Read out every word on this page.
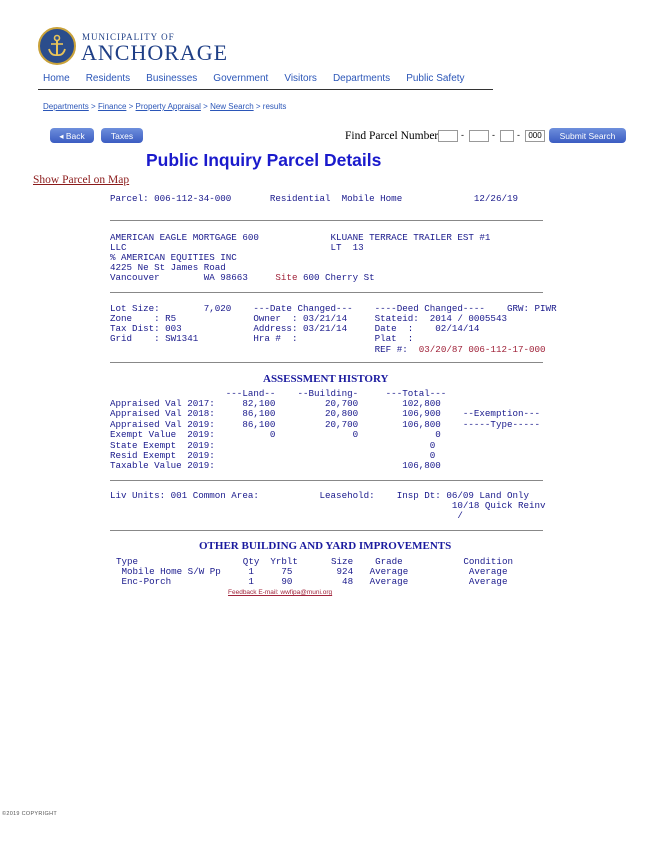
MUNICIPALITY OF
ANCHORAGE
Home Residents Businesses Government Visitors Departments Public Safety
Departments > Finance > Property Appraisal > New Search > results
◂ Back	Taxes	Find Parcel Number	-	- -	000	Submit Search
Public Inquiry Parcel Details
Show Parcel on Map
Parcel: 006-112-34-000       Residential  Mobile Home             12/26/19
AMERICAN EAGLE MORTGAGE 600             KLUANE TERRACE TRAILER EST #1
LLC                                     LT  13
% AMERICAN EQUITIES INC
4225 Ne St James Road
Vancouver        WA 98663     Site 600 Cherry St
Lot Size:        7,020    ---Date Changed---    ----Deed Changed----    GRW: PIWR
Zone    : R5              Owner  : 03/21/14     Stateid:  2014 / 0005543
Tax Dist: 003             Address: 03/21/14     Date  :    02/14/14
Grid    : SW1341          Hra #  :              Plat  :
REF #:  03/20/87 006-112-17-000
ASSESSMENT HISTORY
---Land--    --Building-     ---Total---
Appraised Val 2017:     82,100         20,700        102,800
Appraised Val 2018:     86,100         20,800        106,900    --Exemption---
Appraised Val 2019:     86,100         20,700        106,800    -----Type-----
Exempt Value  2019:          0              0              0
State Exempt  2019:                                       0
Resid Exempt  2019:                                       0
Taxable Value 2019:                                  106,800
Liv Units: 001 Common Area:           Leasehold:    Insp Dt: 06/09 Land Only
10/18 Quick Reinv
/
OTHER BUILDING AND YARD IMPROVEMENTS
Type                   Qty  Yrblt      Size    Grade           Condition
Mobile Home S/W Pp     1     75        924   Average           Average
Enc-Porch              1     90         48   Average           Average
Feedback E-mail: wwfipa@muni.org
©2019 COPYRIGHT
